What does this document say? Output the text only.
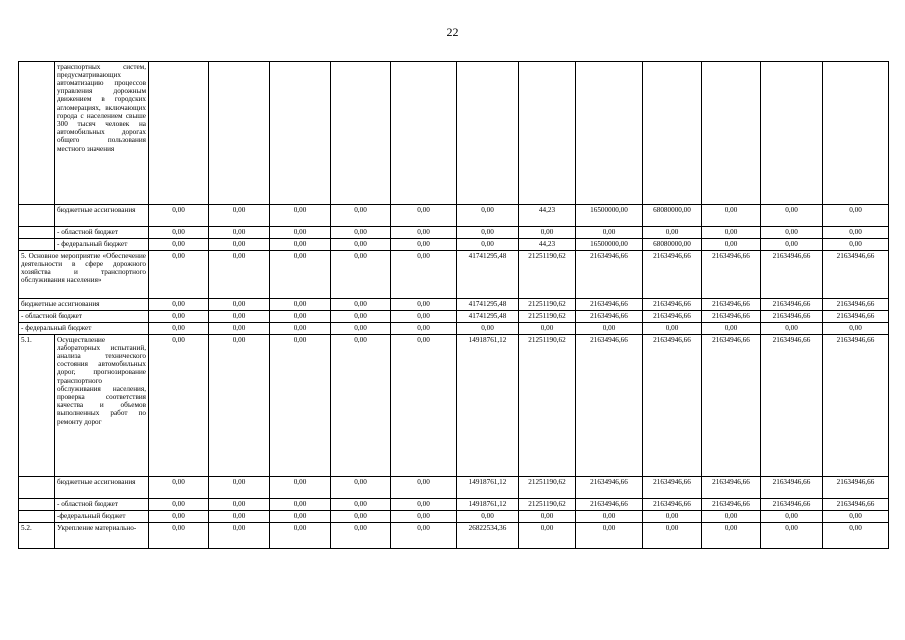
22
	транспортных систем, предусматривающих автоматизацию процессов управления дорожным движением в городских агломерациях, включающих города с населением свыше 300 тысяч человек на автомобильных дорогах общего пользования местного значения												
	бюджетные ассигнования	0,00	0,00	0,00	0,00	0,00	0,00	44,23	16500000,00	68080000,00	0,00	0,00	0,00
	- областной бюджет	0,00	0,00	0,00	0,00	0,00	0,00	0,00	0,00	0,00	0,00	0,00	0,00
	- федеральный бюджет	0,00	0,00	0,00	0,00	0,00	0,00	44,23	16500000,00	68080000,00	0,00	0,00	0,00
5. Основное мероприятие «Обеспечение деятельности в сфере дорожного хозяйства и транспортного обслуживания населения»		0,00	0,00	0,00	0,00	0,00	41741295,48	21251190,62	21634946,66	21634946,66	21634946,66	21634946,66	21634946,66
бюджетные ассигнования		0,00	0,00	0,00	0,00	0,00	41741295,48	21251190,62	21634946,66	21634946,66	21634946,66	21634946,66	21634946,66
- областной бюджет		0,00	0,00	0,00	0,00	0,00	41741295,48	21251190,62	21634946,66	21634946,66	21634946,66	21634946,66	21634946,66
- федеральный бюджет		0,00	0,00	0,00	0,00	0,00	0,00	0,00	0,00	0,00	0,00	0,00	0,00
5.1.	Осуществление лабораторных испытаний, анализа технического состояния автомобильных дорог, прогнозирование транспортного обслуживания населения, проверка соответствия качества и объемов выполненных работ по ремонту дорог	0,00	0,00	0,00	0,00	0,00	14918761,12	21251190,62	21634946,66	21634946,66	21634946,66	21634946,66	21634946,66
	бюджетные ассигнования	0,00	0,00	0,00	0,00	0,00	14918761,12	21251190,62	21634946,66	21634946,66	21634946,66	21634946,66	21634946,66
	- областной бюджет	0,00	0,00	0,00	0,00	0,00	14918761,12	21251190,62	21634946,66	21634946,66	21634946,66	21634946,66	21634946,66
	-федеральный бюджет	0,00	0,00	0,00	0,00	0,00	0,00	0,00	0,00	0,00	0,00	0,00	0,00
5.2.	Укрепление материально-	0,00	0,00	0,00	0,00	0,00	26822534,36	0,00	0,00	0,00	0,00	0,00	0,00
